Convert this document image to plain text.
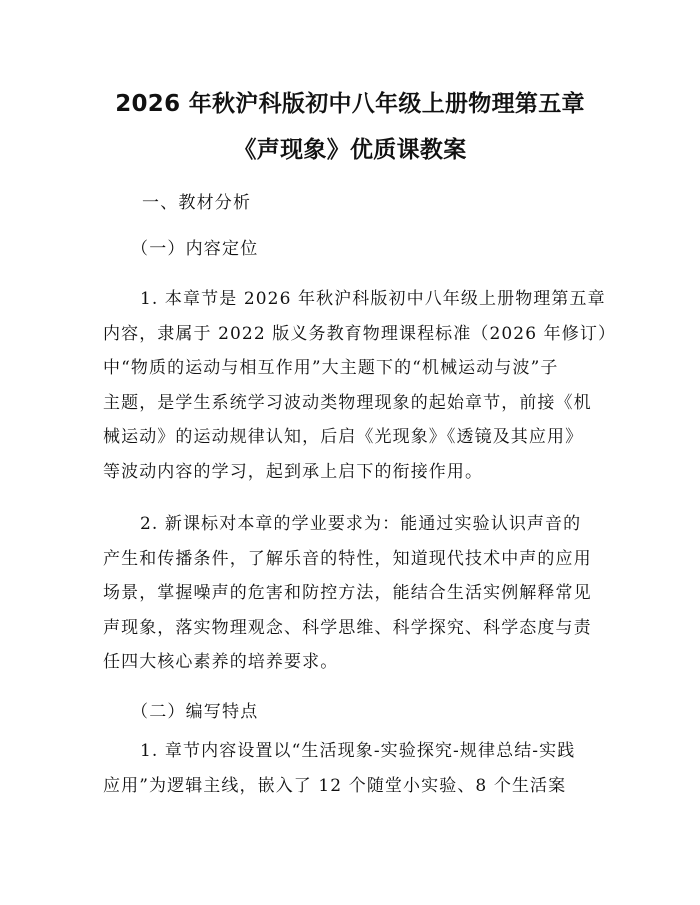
2026 年秋沪科版初中八年级上册物理第五章
《声现象》优质课教案
一、教材分析
（一）内容定位
1. 本章节是 2026 年秋沪科版初中八年级上册物理第五章
内容，隶属于 2022 版义务教育物理课程标准（2026 年修订）
中“物质的运动与相互作用”大主题下的“机械运动与波”子
主题，是学生系统学习波动类物理现象的起始章节，前接《机
械运动》的运动规律认知，后启《光现象》《透镜及其应用》
等波动内容的学习，起到承上启下的衔接作用。
2. 新课标对本章的学业要求为：能通过实验认识声音的
产生和传播条件，了解乐音的特性，知道现代技术中声的应用
场景，掌握噪声的危害和防控方法，能结合生活实例解释常见
声现象，落实物理观念、科学思维、科学探究、科学态度与责
任四大核心素养的培养要求。
（二）编写特点
1. 章节内容设置以“生活现象-实验探究-规律总结-实践
应用”为逻辑主线，嵌入了 12 个随堂小实验、8 个生活案
